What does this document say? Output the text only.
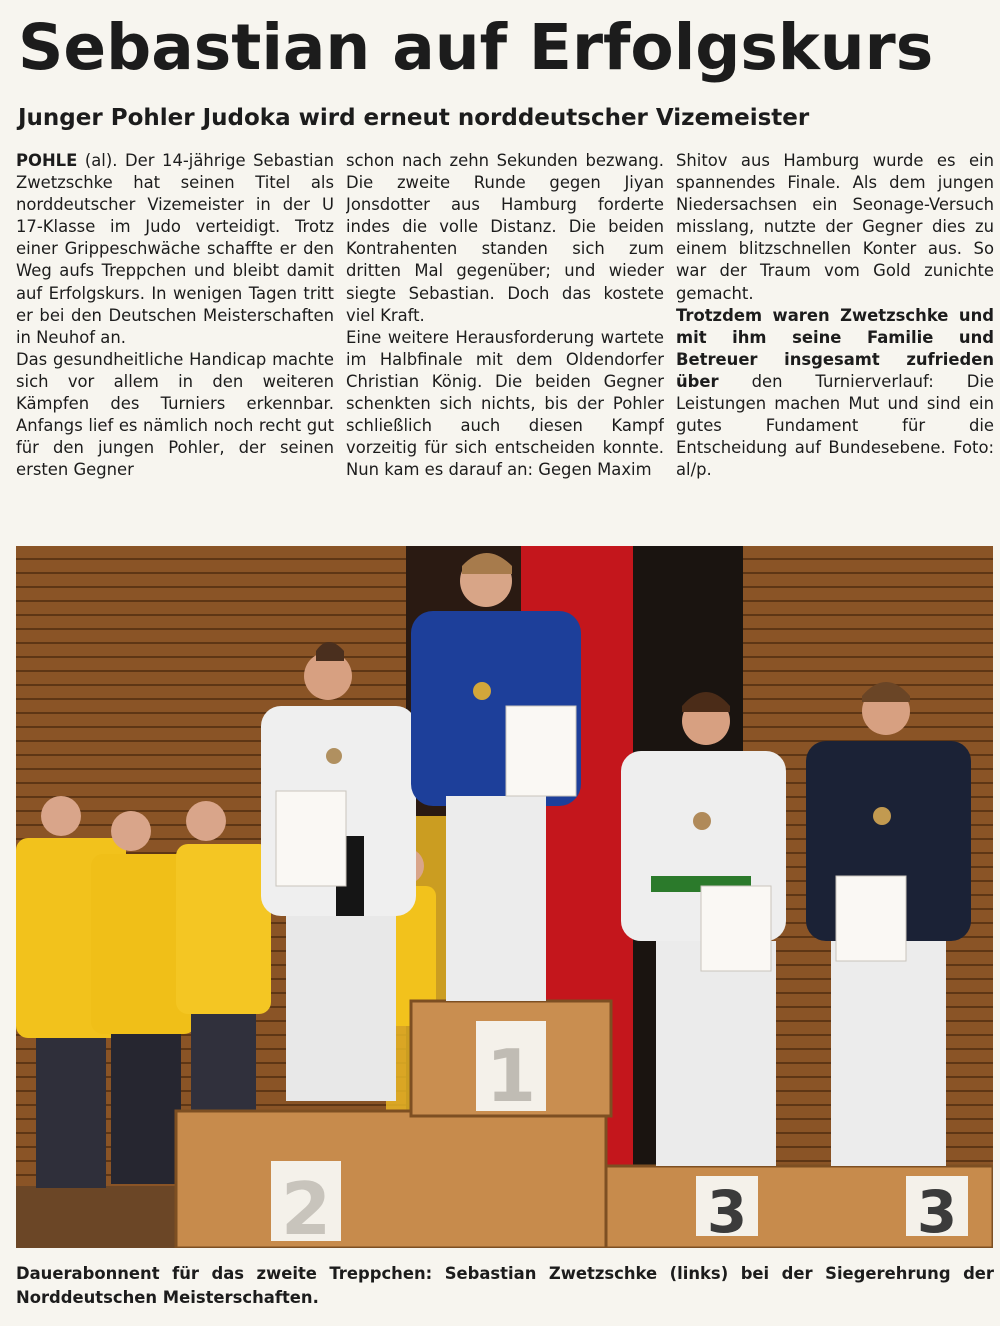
Sebastian auf Erfolgskurs
Junger Pohler Judoka wird erneut norddeutscher Vizemeister

POHLE (al). Der 14-jährige Sebastian Zwetzschke hat seinen Titel als norddeutscher Vizemeister in der U 17-Klasse im Judo verteidigt. Trotz einer Grippeschwäche schaffte er den Weg aufs Treppchen und bleibt damit auf Erfolgskurs. In wenigen Tagen tritt er bei den Deutschen Meisterschaften in Neuhof an.

Das gesundheitliche Handicap machte sich vor allem in den weiteren Kämpfen des Turniers erkennbar. Anfangs lief es nämlich noch recht gut für den jungen Pohler, der seinen ersten Gegner

schon nach zehn Sekunden bezwang. Die zweite Runde gegen Jiyan Jonsdotter aus Hamburg forderte indes die volle Distanz. Die beiden Kontrahenten standen sich zum dritten Mal gegenüber; und wieder siegte Sebastian. Doch das kostete viel Kraft.

Eine weitere Herausforderung wartete im Halbfinale mit dem Oldendorfer Christian König. Die beiden Gegner schenkten sich nichts, bis der Pohler schließlich auch diesen Kampf vorzeitig für sich entscheiden konnte. Nun kam es darauf an: Gegen Maxim

Shitov aus Hamburg wurde es ein spannendes Finale. Als dem jungen Niedersachsen ein Seonage-Versuch misslang, nutzte der Gegner dies zu einem blitzschnellen Konter aus. So war der Traum vom Gold zunichte gemacht.

Trotzdem waren Zwetzschke und mit ihm seine Familie und Betreuer insgesamt zufrieden über den Turnierverlauf: Die Leistungen machen Mut und sind ein gutes Fundament für die Entscheidung auf Bundesebene. Foto: al/p.

2
1
3	3

Dauerabonnent für das zweite Treppchen: Sebastian Zwetzschke (links) bei der Siegerehrung der Norddeutschen Meisterschaften.
